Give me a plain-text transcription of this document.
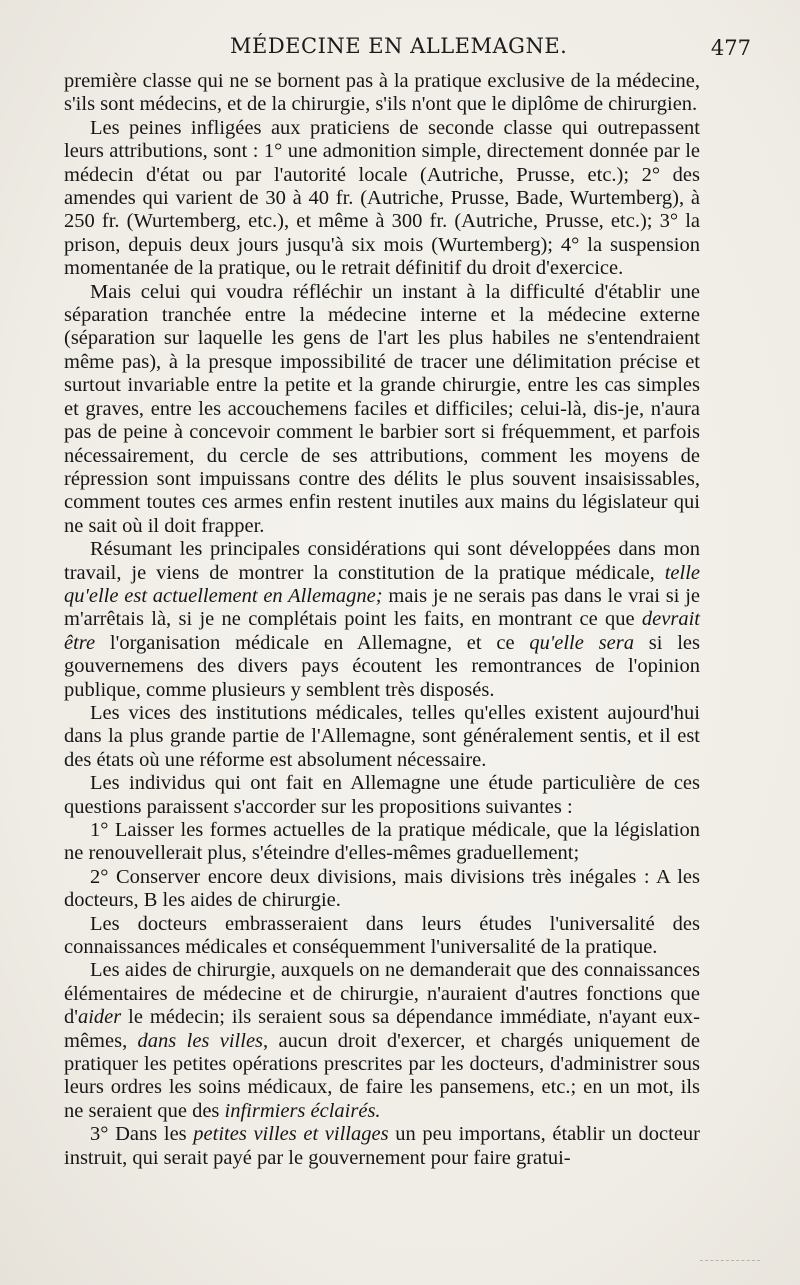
MÉDECINE EN ALLEMAGNE.	477

première classe qui ne se bornent pas à la pratique exclusive de la médecine, s'ils sont médecins, et de la chirurgie, s'ils n'ont que le diplôme de chirurgien.

Les peines infligées aux praticiens de seconde classe qui outrepassent leurs attributions, sont : 1° une admonition simple, directement donnée par le médecin d'état ou par l'autorité locale (Autriche, Prusse, etc.); 2° des amendes qui varient de 30 à 40 fr. (Autriche, Prusse, Bade, Wurtemberg), à 250 fr. (Wurtemberg, etc.), et même à 300 fr. (Autriche, Prusse, etc.); 3° la prison, depuis deux jours jusqu'à six mois (Wurtemberg); 4° la suspension momentanée de la pratique, ou le retrait définitif du droit d'exercice.

Mais celui qui voudra réfléchir un instant à la difficulté d'établir une séparation tranchée entre la médecine interne et la médecine externe (séparation sur laquelle les gens de l'art les plus habiles ne s'entendraient même pas), à la presque impossibilité de tracer une délimitation précise et surtout invariable entre la petite et la grande chirurgie, entre les cas simples et graves, entre les accouchemens faciles et difficiles; celui-là, dis-je, n'aura pas de peine à concevoir comment le barbier sort si fréquemment, et parfois nécessairement, du cercle de ses attributions, comment les moyens de répression sont impuissans contre des délits le plus souvent insaisissables, comment toutes ces armes enfin restent inutiles aux mains du législateur qui ne sait où il doit frapper.

Résumant les principales considérations qui sont développées dans mon travail, je viens de montrer la constitution de la pratique médicale, telle qu'elle est actuellement en Allemagne; mais je ne serais pas dans le vrai si je m'arrêtais là, si je ne complétais point les faits, en montrant ce que devrait être l'organisation médicale en Allemagne, et ce qu'elle sera si les gouvernemens des divers pays écoutent les remontrances de l'opinion publique, comme plusieurs y semblent très disposés.

Les vices des institutions médicales, telles qu'elles existent aujourd'hui dans la plus grande partie de l'Allemagne, sont généralement sentis, et il est des états où une réforme est absolument nécessaire.

Les individus qui ont fait en Allemagne une étude particulière de ces questions paraissent s'accorder sur les propositions suivantes :

1° Laisser les formes actuelles de la pratique médicale, que la législation ne renouvellerait plus, s'éteindre d'elles-mêmes graduellement;

2° Conserver encore deux divisions, mais divisions très inégales : A les docteurs, B les aides de chirurgie.

Les docteurs embrasseraient dans leurs études l'universalité des connaissances médicales et conséquemment l'universalité de la pratique.

Les aides de chirurgie, auxquels on ne demanderait que des connaissances élémentaires de médecine et de chirurgie, n'auraient d'autres fonctions que d'aider le médecin; ils seraient sous sa dépendance immédiate, n'ayant eux-mêmes, dans les villes, aucun droit d'exercer, et chargés uniquement de pratiquer les petites opérations prescrites par les docteurs, d'administrer sous leurs ordres les soins médicaux, de faire les pansemens, etc.; en un mot, ils ne seraient que des infirmiers éclairés.

3° Dans les petites villes et villages un peu importans, établir un docteur instruit, qui serait payé par le gouvernement pour faire gratui-
